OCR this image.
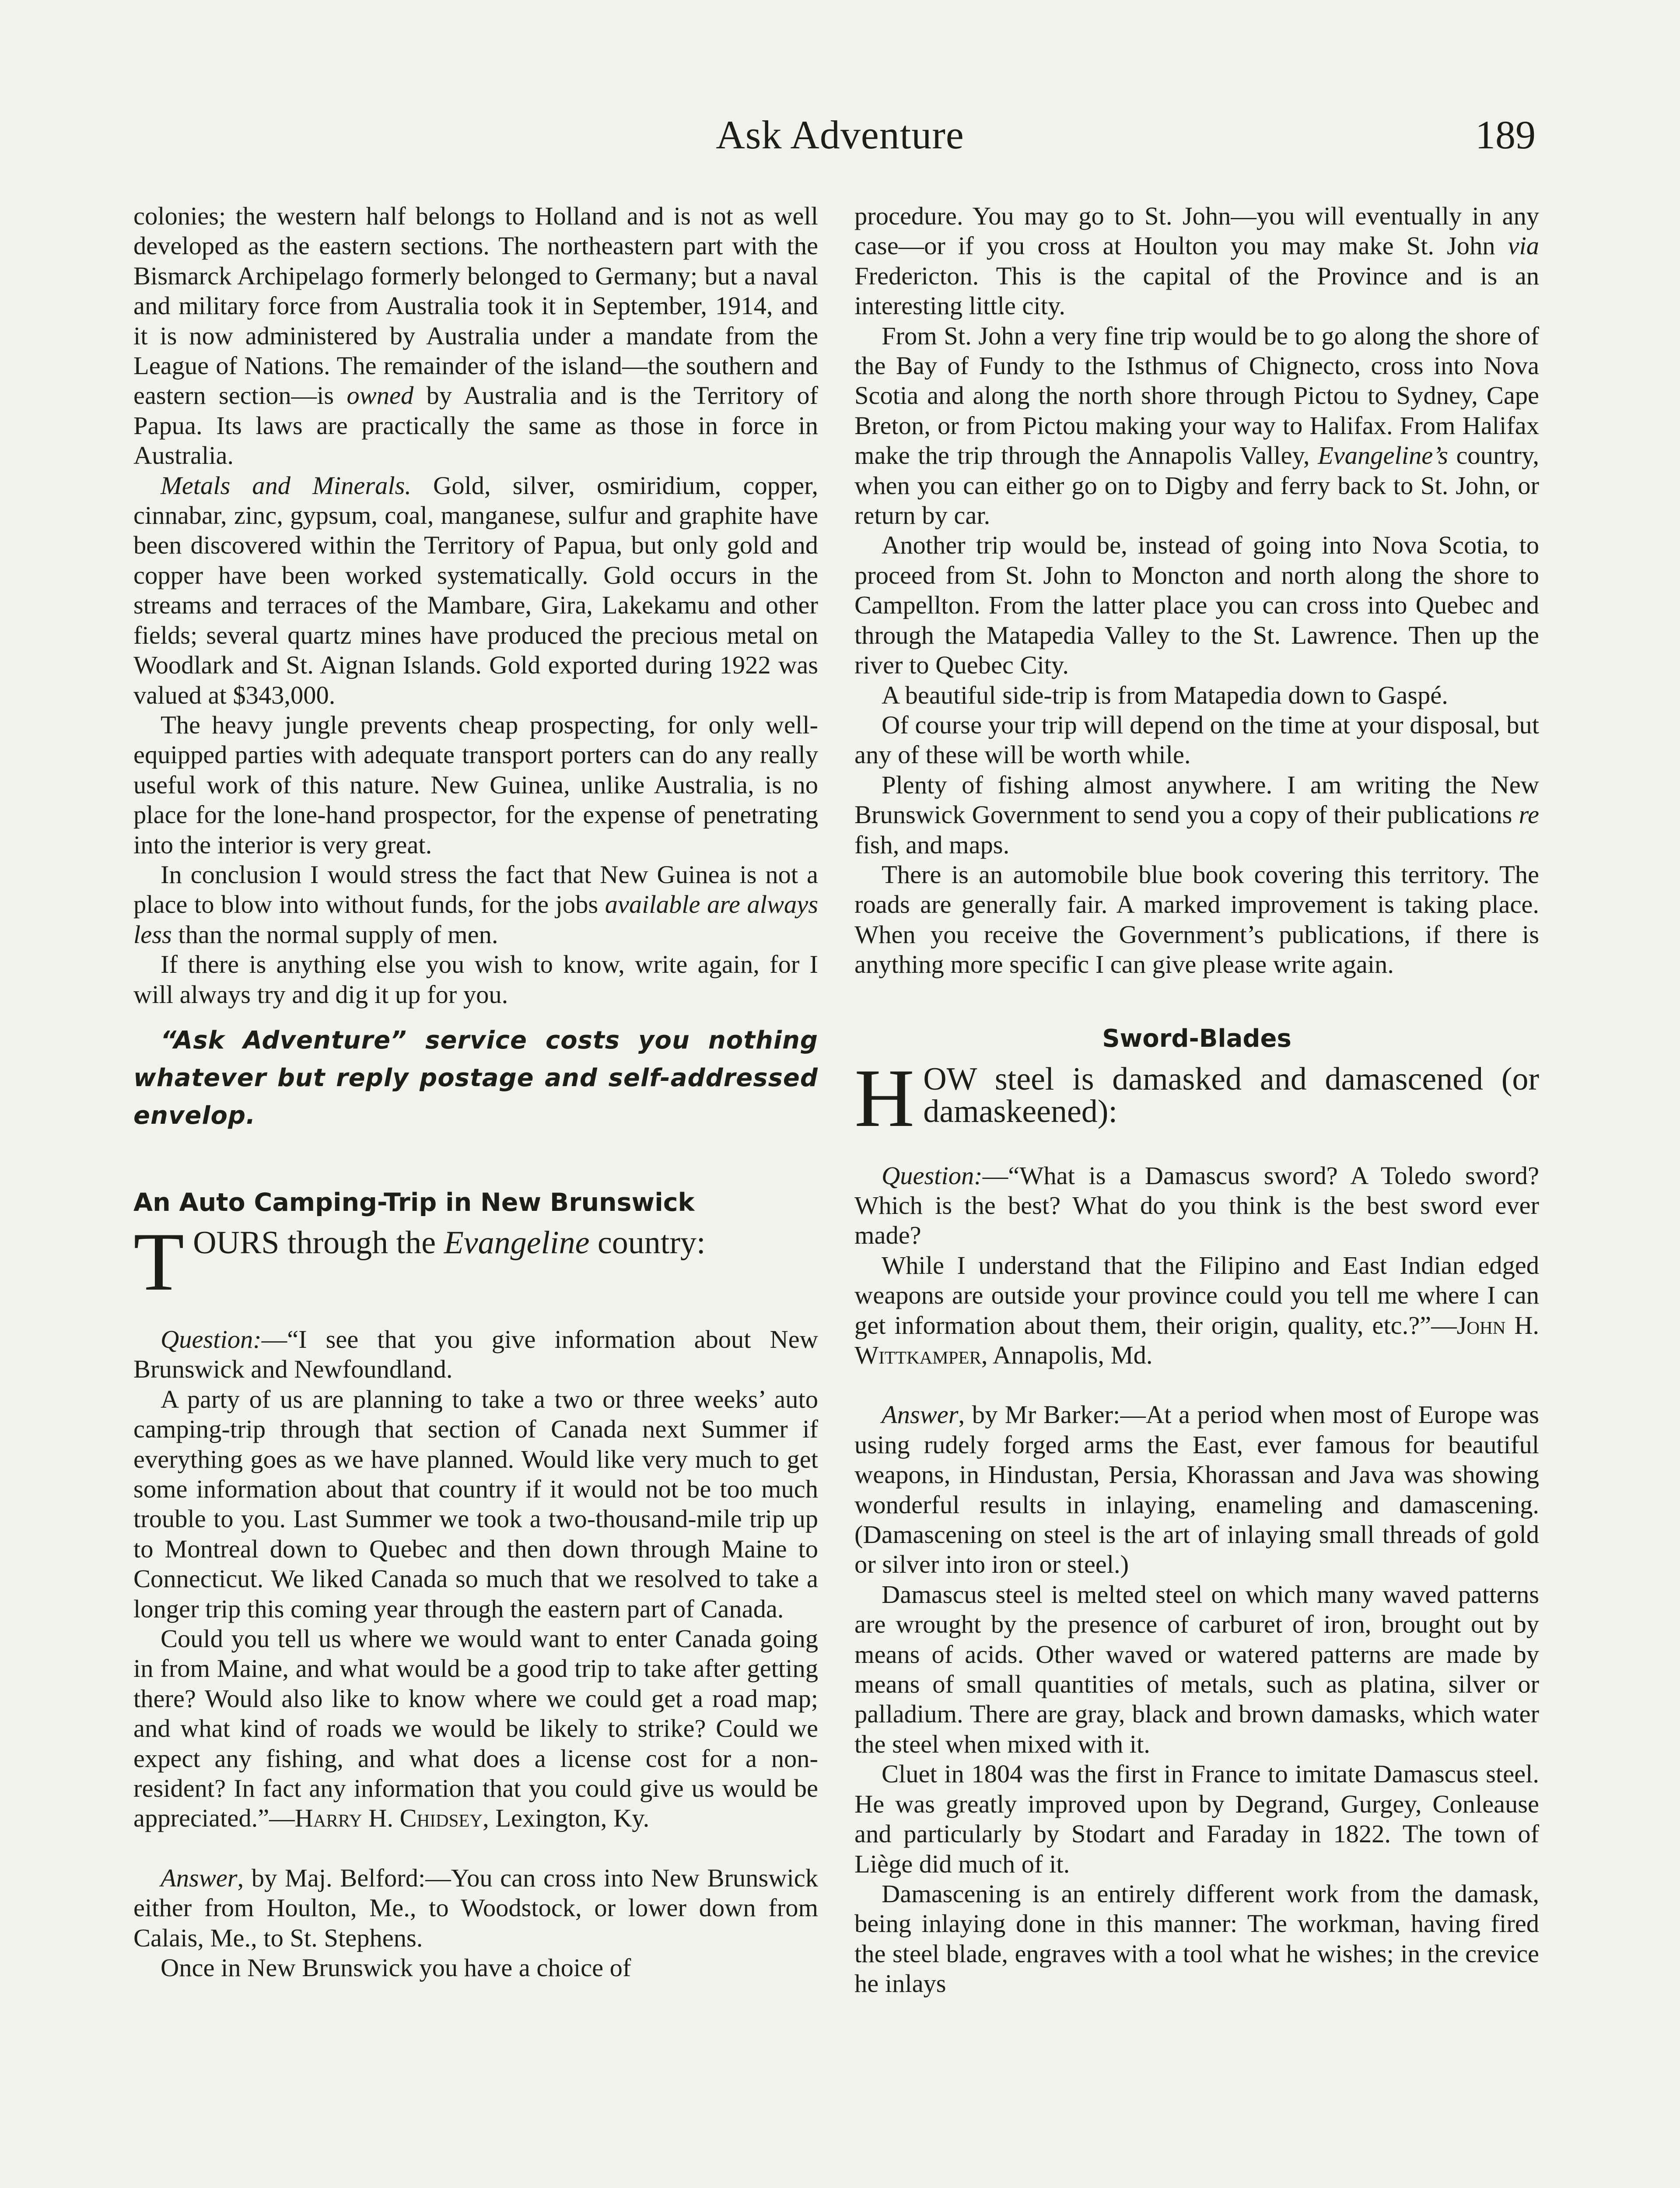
Ask Adventure	189

colonies; the western half belongs to Holland and is not as well developed as the eastern sections. The northeastern part with the Bismarck Archipelago formerly belonged to Germany; but a naval and military force from Australia took it in September, 1914, and it is now administered by Australia under a mandate from the League of Nations. The remainder of the island—the southern and eastern section—is owned by Australia and is the Territory of Papua. Its laws are practically the same as those in force in Australia.

Metals and Minerals. Gold, silver, osmiridium, copper, cinnabar, zinc, gypsum, coal, manganese, sulfur and graphite have been discovered within the Territory of Papua, but only gold and copper have been worked systematically. Gold occurs in the streams and terraces of the Mambare, Gira, Lakekamu and other fields; several quartz mines have produced the precious metal on Woodlark and St. Aignan Islands. Gold exported during 1922 was valued at $343,000.

The heavy jungle prevents cheap prospecting, for only well-equipped parties with adequate transport porters can do any really useful work of this nature. New Guinea, unlike Australia, is no place for the lone-hand prospector, for the expense of penetrating into the interior is very great.

In conclusion I would stress the fact that New Guinea is not a place to blow into without funds, for the jobs available are always less than the normal supply of men.

If there is anything else you wish to know, write again, for I will always try and dig it up for you.

“Ask Adventure” service costs you nothing whatever but reply postage and self-addressed envelop.

An Auto Camping-Trip in New Brunswick
TOURS through the Evangeline country:

Question:—“I see that you give information about New Brunswick and Newfoundland.

A party of us are planning to take a two or three weeks’ auto camping-trip through that section of Canada next Summer if everything goes as we have planned. Would like very much to get some information about that country if it would not be too much trouble to you. Last Summer we took a two-thousand-mile trip up to Montreal down to Quebec and then down through Maine to Connecticut. We liked Canada so much that we resolved to take a longer trip this coming year through the eastern part of Canada.

Could you tell us where we would want to enter Canada going in from Maine, and what would be a good trip to take after getting there? Would also like to know where we could get a road map; and what kind of roads we would be likely to strike? Could we expect any fishing, and what does a license cost for a non-resident? In fact any information that you could give us would be appreciated.”—Harry H. Chidsey, Lexington, Ky.

Answer, by Maj. Belford:—You can cross into New Brunswick either from Houlton, Me., to Woodstock, or lower down from Calais, Me., to St. Stephens.

Once in New Brunswick you have a choice of

procedure. You may go to St. John—you will eventually in any case—or if you cross at Houlton you may make St. John via Fredericton. This is the capital of the Province and is an interesting little city.

From St. John a very fine trip would be to go along the shore of the Bay of Fundy to the Isthmus of Chignecto, cross into Nova Scotia and along the north shore through Pictou to Sydney, Cape Breton, or from Pictou making your way to Halifax. From Halifax make the trip through the Annapolis Valley, Evangeline’s country, when you can either go on to Digby and ferry back to St. John, or return by car.

Another trip would be, instead of going into Nova Scotia, to proceed from St. John to Moncton and north along the shore to Campellton. From the latter place you can cross into Quebec and through the Matapedia Valley to the St. Lawrence. Then up the river to Quebec City.

A beautiful side-trip is from Matapedia down to Gaspé.

Of course your trip will depend on the time at your disposal, but any of these will be worth while.

Plenty of fishing almost anywhere. I am writing the New Brunswick Government to send you a copy of their publications re fish, and maps.

There is an automobile blue book covering this territory. The roads are generally fair. A marked improvement is taking place. When you receive the Government’s publications, if there is anything more specific I can give please write again.

Sword-Blades
HOW steel is damasked and damascened (or damaskeened):

Question:—“What is a Damascus sword? A Toledo sword? Which is the best? What do you think is the best sword ever made?

While I understand that the Filipino and East Indian edged weapons are outside your province could you tell me where I can get information about them, their origin, quality, etc.?”—John H. Wittkamper, Annapolis, Md.

Answer, by Mr Barker:—At a period when most of Europe was using rudely forged arms the East, ever famous for beautiful weapons, in Hindustan, Persia, Khorassan and Java was showing wonderful results in inlaying, enameling and damascening. (Damascening on steel is the art of inlaying small threads of gold or silver into iron or steel.)

Damascus steel is melted steel on which many waved patterns are wrought by the presence of carburet of iron, brought out by means of acids. Other waved or watered patterns are made by means of small quantities of metals, such as platina, silver or palladium. There are gray, black and brown damasks, which water the steel when mixed with it.

Cluet in 1804 was the first in France to imitate Damascus steel. He was greatly improved upon by Degrand, Gurgey, Conleause and particularly by Stodart and Faraday in 1822. The town of Liège did much of it.

Damascening is an entirely different work from the damask, being inlaying done in this manner: The workman, having fired the steel blade, engraves with a tool what he wishes; in the crevice he inlays
